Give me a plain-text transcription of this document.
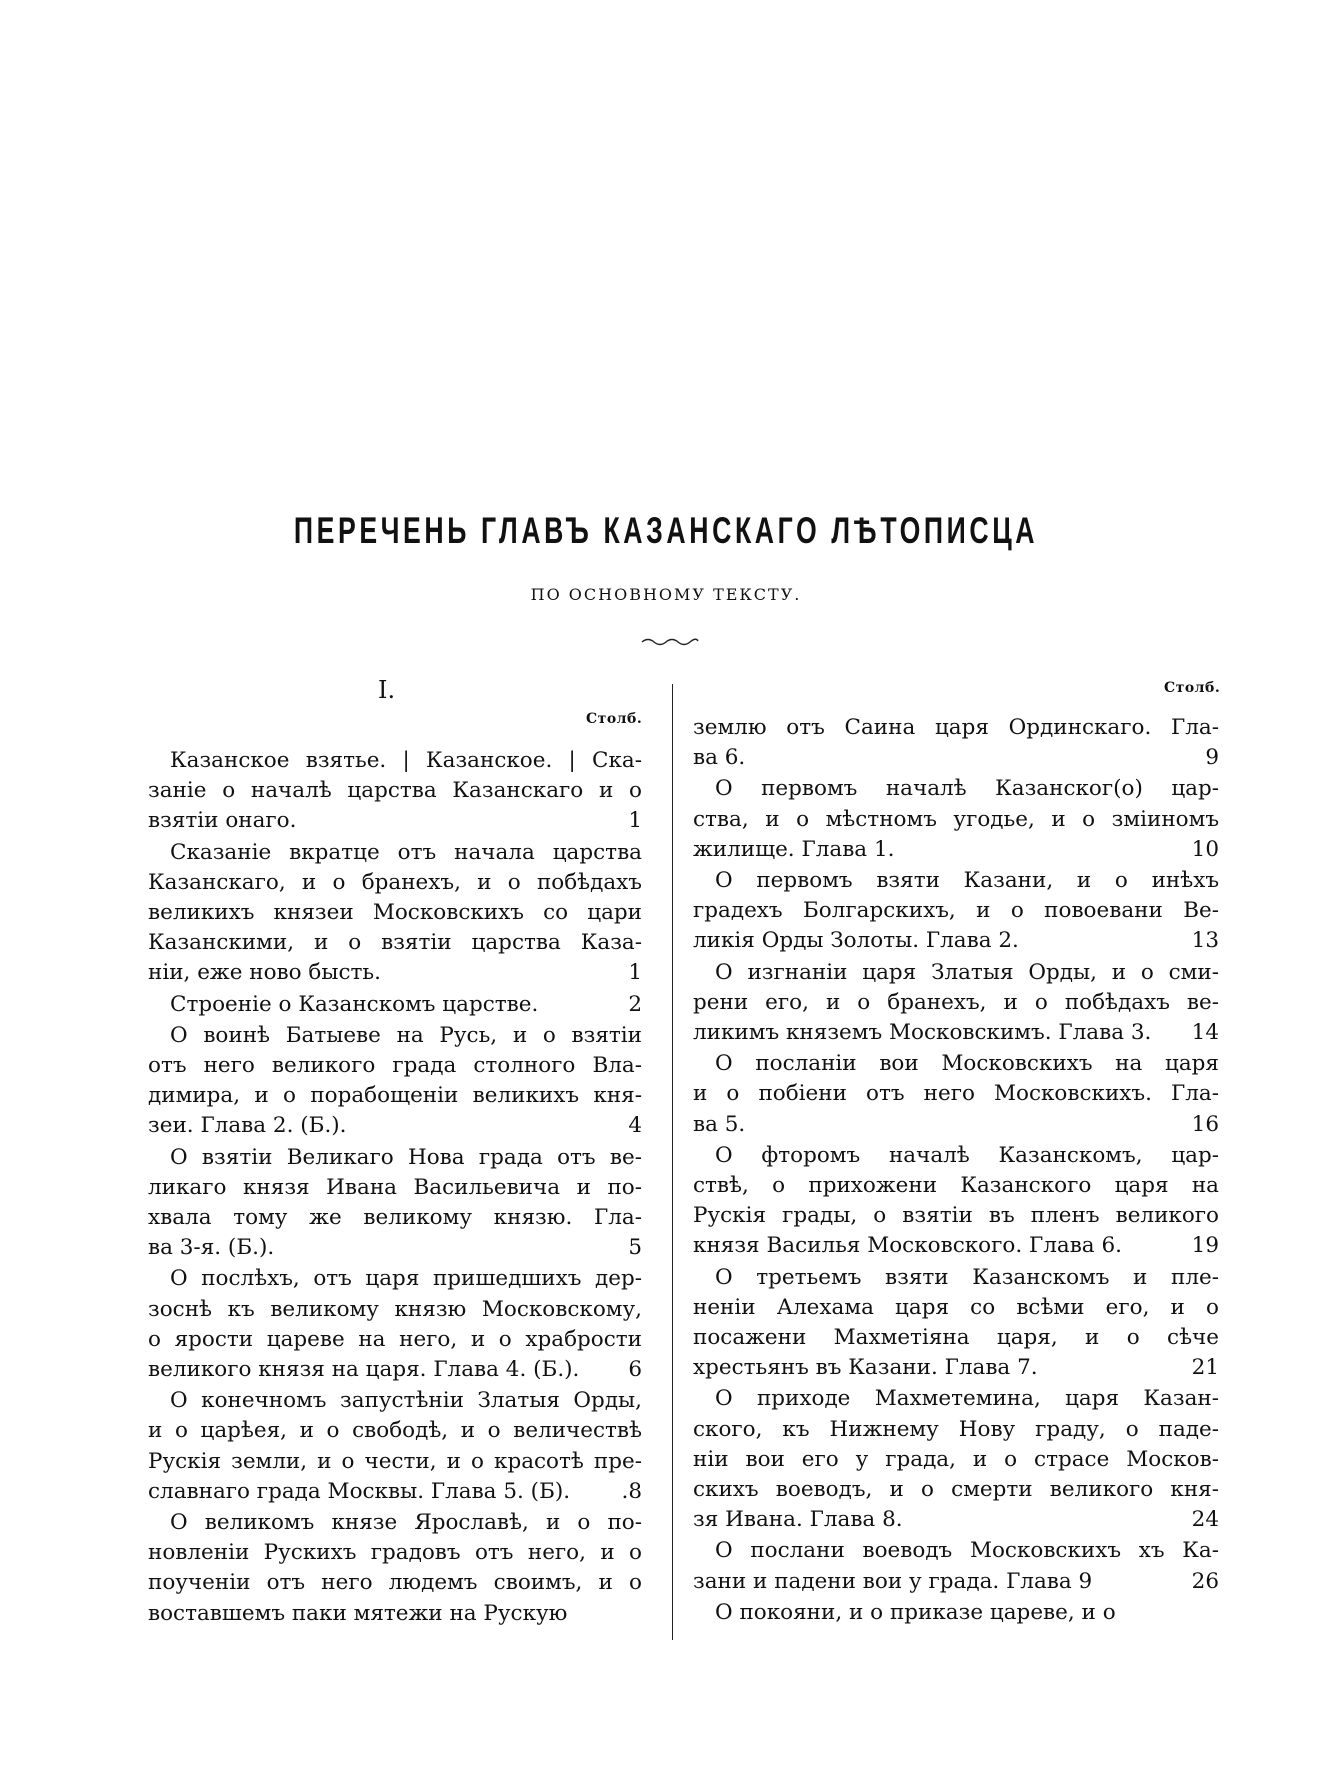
ПЕРЕЧЕНЬ ГЛАВЪ КАЗАНСКАГО ЛѢТОПИСЦА
ПО ОСНОВНОМУ ТЕКСТУ.
I.
Столб.
Столб.
Казанское взятье. | Казанское. | Ска-
заніе о началѣ царства Казанскаго и о
взятіи онаго.	1
Сказаніе вкратце отъ начала царства
Казанскаго, и о бранехъ, и о побѣдахъ
великихъ князеи Московскихъ со цари
Казанскими, и о взятіи царства Каза-
ніи, еже ново бысть.	1
Строеніе о Казанскомъ царстве.	2
О воинѣ Батыеве на Русь, и о взятіи
отъ него великого града столного Вла-
димира, и о порабощеніи великихъ кня-
зеи. Глава 2. (Б.).	4
О взятіи Великаго Нова града отъ ве-
ликаго князя Ивана Васильевича и по-
хвала тому же великому князю. Гла-
ва 3-я. (Б.).	5
О послѣхъ, отъ царя пришедшихъ дер-
зоснѣ къ великому князю Московскому,
о ярости цареве на него, и о храбрости
великого князя на царя. Глава 4. (Б.).	6
О конечномъ запустѣніи Златыя Орды,
и о царѣея, и о свободѣ, и о величествѣ
Рускія земли, и о чести, и о красотѣ пре-
славнаго града Москвы. Глава 5. (Б).	.8
О великомъ князе Ярославѣ, и о по-
новленіи Рускихъ градовъ отъ него, и о
поученіи отъ него людемъ своимъ, и о
воставшемъ паки мятежи на Рускую
землю отъ Саина царя Ординскаго. Гла-
ва 6.	9
О первомъ началѣ Казанског(о) цар-
ства, и о мѣстномъ угодье, и о зміиномъ
жилище. Глава 1.	10
О первомъ взяти Казани, и о инѣхъ
градехъ Болгарскихъ, и о повоевани Ве-
ликія Орды Золоты. Глава 2.	13
О изгнаніи царя Златыя Орды, и о сми-
рени его, и о бранехъ, и о побѣдахъ ве-
ликимъ княземъ Московскимъ. Глава 3.	14
О посланіи вои Московскихъ на царя
и о побіени отъ него Московскихъ. Гла-
ва 5.	16
О фторомъ началѣ Казанскомъ, цар-
ствѣ, о прихожени Казанского царя на
Рускія грады, о взятіи въ пленъ великого
князя Василья Московского. Глава 6.	19
О третьемъ взяти Казанскомъ и пле-
неніи Алехама царя со всѣми его, и о
посажени Махметіяна царя, и о сѣче
хрестьянъ въ Казани. Глава 7.	21
О приходе Махметемина, царя Казан-
ского, къ Нижнему Нову граду, о паде-
ніи вои его у града, и о страсе Москов-
скихъ воеводъ, и о смерти великого кня-
зя Ивана. Глава 8.	24
О послани воеводъ Московскихъ хъ Ка-
зани и падени вои у града. Глава 9	26
О покояни, и о приказе цареве, и о
